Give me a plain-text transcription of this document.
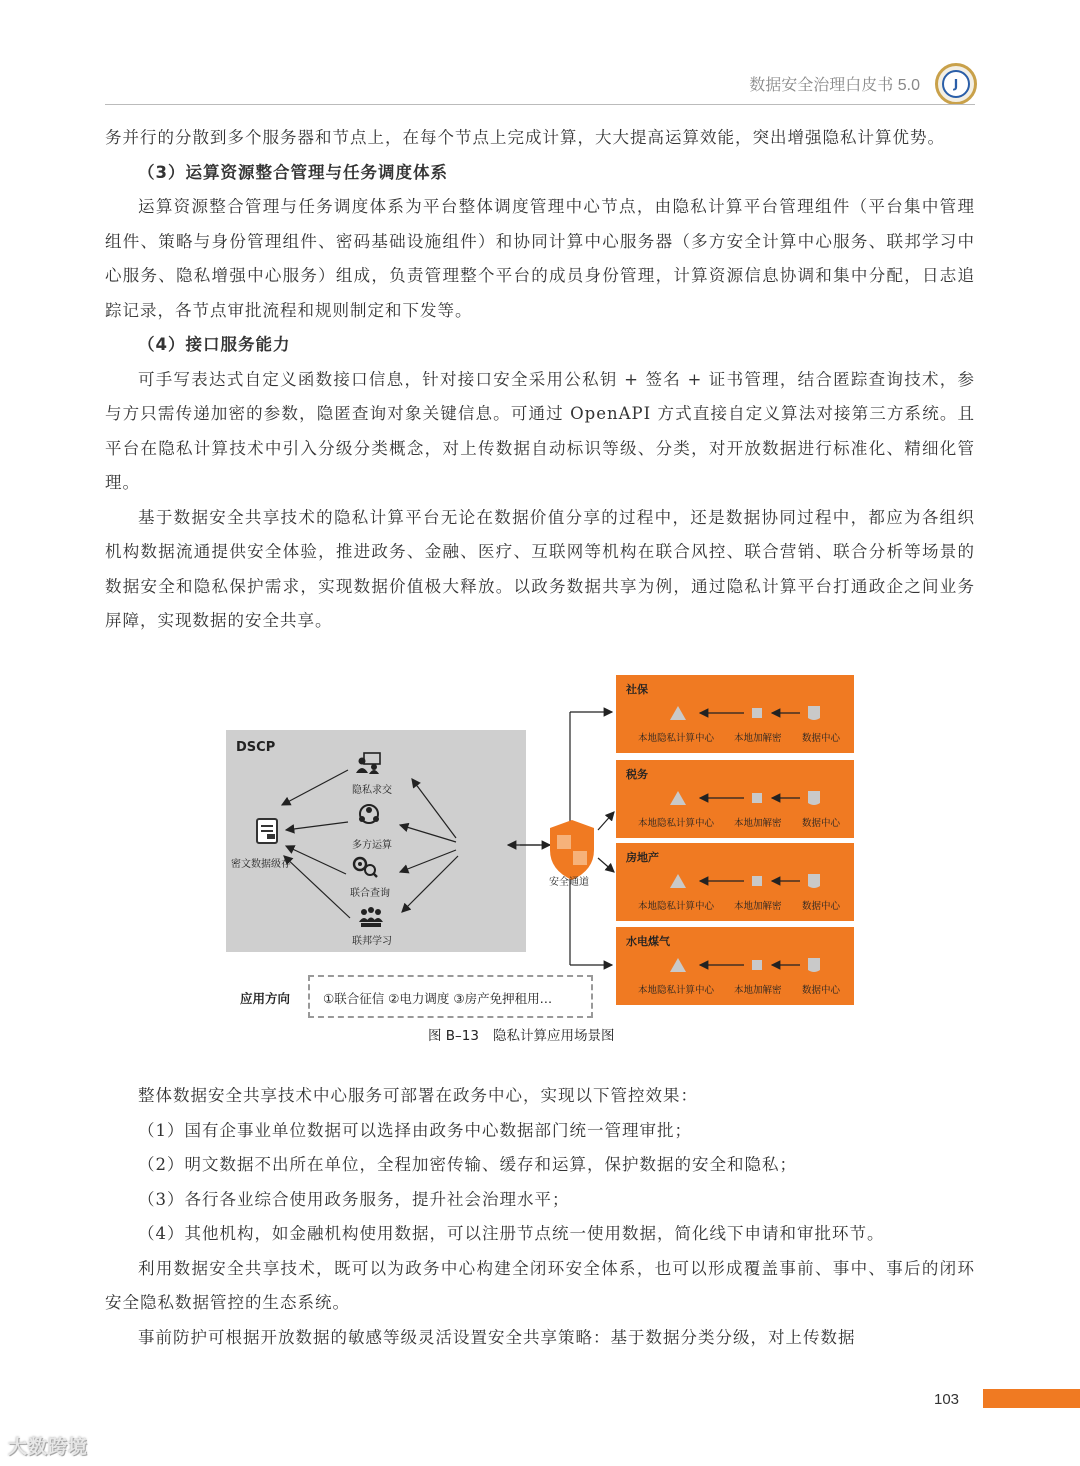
数据安全治理白皮书 5.0	J

务并行的分散到多个服务器和节点上，在每个节点上完成计算，大大提高运算效能，突出增强隐私计算优势。

（3）运算资源整合管理与任务调度体系

运算资源整合管理与任务调度体系为平台整体调度管理中心节点，由隐私计算平台管理组件（平台集中管理组件、策略与身份管理组件、密码基础设施组件）和协同计算中心服务器（多方安全计算中心服务、联邦学习中心服务、隐私增强中心服务）组成，负责管理整个平台的成员身份管理，计算资源信息协调和集中分配，日志追踪记录，各节点审批流程和规则制定和下发等。

（4）接口服务能力

可手写表达式自定义函数接口信息，针对接口安全采用公私钥 + 签名 + 证书管理，结合匿踪查询技术，参与方只需传递加密的参数，隐匿查询对象关键信息。可通过 OpenAPI 方式直接自定义算法对接第三方系统。且平台在隐私计算技术中引入分级分类概念，对上传数据自动标识等级、分类，对开放数据进行标准化、精细化管理。

基于数据安全共享技术的隐私计算平台无论在数据价值分享的过程中，还是数据协同过程中，都应为各组织机构数据流通提供安全体验，推进政务、金融、医疗、互联网等机构在联合风控、联合营销、联合分析等场景的数据安全和隐私保护需求，实现数据价值极大释放。以政务数据共享为例，通过隐私计算平台打通政企之间业务屏障，实现数据的安全共享。

DSCP
密文数据级存
隐私求交
多方运算
联合查询
联邦学习
安全通道
社保
本地隐私计算中心 本地加解密 数据中心
税务
本地隐私计算中心 本地加解密 数据中心
房地产
本地隐私计算中心 本地加解密 数据中心
水电煤气
本地隐私计算中心 本地加解密 数据中心
应用方向	①联合征信 ②电力调度 ③房产免押租用…
图 B–13 隐私计算应用场景图

整体数据安全共享技术中心服务可部署在政务中心，实现以下管控效果：

（1）国有企事业单位数据可以选择由政务中心数据部门统一管理审批；

（2）明文数据不出所在单位，全程加密传输、缓存和运算，保护数据的安全和隐私；

（3）各行各业综合使用政务服务，提升社会治理水平；

（4）其他机构，如金融机构使用数据，可以注册节点统一使用数据，简化线下申请和审批环节。

利用数据安全共享技术，既可以为政务中心构建全闭环安全体系，也可以形成覆盖事前、事中、事后的闭环安全隐私数据管控的生态系统。

事前防护可根据开放数据的敏感等级灵活设置安全共享策略：基于数据分类分级，对上传数据

103
大数跨境
